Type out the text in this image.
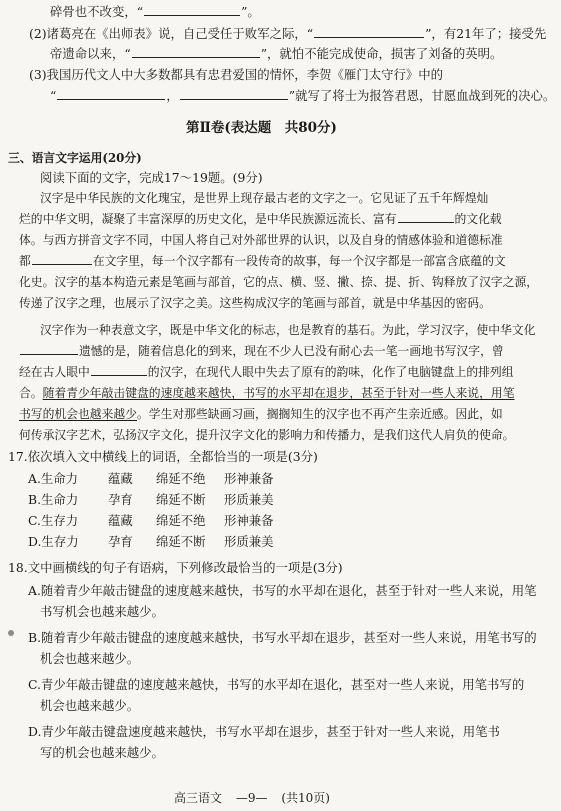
碎骨也不改变，“	”。
(2)诸葛亮在《出师表》说，自己受任于败军之际，“	”，有21年了；接受先
帝遗命以来，“	”，就怕不能完成使命，损害了刘备的英明。
(3)我国历代文人中大多数都具有忠君爱国的情怀，李贺《雁门太守行》中的
“	，	”就写了将士为报答君恩，甘愿血战到死的决心。
第Ⅱ卷(表达题　共80分)
三、语言文字运用(20分)
阅读下面的文字，完成17～19题。(9分)
汉字是中华民族的文化瑰宝，是世界上现存最古老的文字之一。它见证了五千年辉煌灿
烂的中华文明，凝聚了丰富深厚的历史文化，是中华民族源远流长、富有	的文化载
体。与西方拼音文字不同，中国人将自己对外部世界的认识，以及自身的情感体验和道德标准
都	在文字里，每一个汉字都有一段传奇的故事，每一个汉字都是一部富含底蕴的文
化史。汉字的基本构造元素是笔画与部首，它的点、横、竖、撇、捺、提、折、钩释放了汉字之源，
传递了汉字之理，也展示了汉字之美。这些构成汉字的笔画与部首，就是中华基因的密码。
汉字作为一种表意文字，既是中华文化的标志，也是教育的基石。为此，学习汉字，使中华文化
遗憾的是，随着信息化的到来，现在不少人已没有耐心去一笔一画地书写汉字，曾
经在古人眼中	的汉字，在现代人眼中失去了原有的韵味，化作了电脑键盘上的排列组
合。随着青少年敲击键盘的速度越来越快，书写的水平却在退步，甚至于针对一些人来说，用笔
书写的机会也越来越少。学生对那些缺画习画，搁搁知生的汉字也不再产生亲近感。因此，如
何传承汉字艺术，弘扬汉字文化，提升汉字文化的影响力和传播力，是我们这代人肩负的使命。
17.依次填入文中横线上的词语，全都恰当的一项是(3分)
A.生命力 蕴藏 绵延不绝 形神兼备
B.生命力 孕育 绵延不断 形质兼美
C.生存力 蕴藏 绵延不绝 形神兼备
D.生存力 孕育 绵延不断 形质兼美
18.文中画横线的句子有语病，下列修改最恰当的一项是(3分)
A.随着青少年敲击键盘的速度越来越快，书写的水平却在退化，甚至于针对一些人来说，用笔
书写机会也越来越少。
B.随着青少年敲击键盘的速度越来越快，书写水平却在退步，甚至对一些人来说，用笔书写的
机会也越来越少。
C.青少年敲击键盘的速度越来越快，书写的水平却在退化，甚至对一些人来说，用笔书写的
机会也越来越少。
D.青少年敲击键盘速度越来越快，书写水平却在退步，甚至于针对一些人来说，用笔书
写的机会也越来越少。
高三语文 —9— (共10页)
